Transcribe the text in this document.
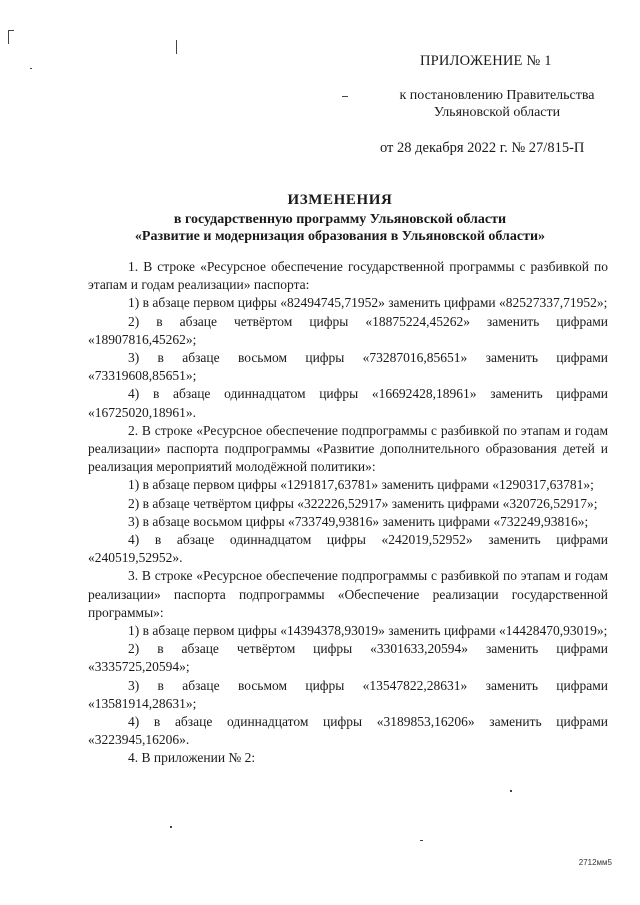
ПРИЛОЖЕНИЕ № 1
к постановлению Правительства
Ульяновской области
от 28 декабря 2022 г. № 27/815-П
ИЗМЕНЕНИЯ
в государственную программу Ульяновской области
«Развитие и модернизация образования в Ульяновской области»

1. В строке «Ресурсное обеспечение государственной программы с разбивкой по этапам и годам реализации» паспорта:

1) в абзаце первом цифры «82494745,71952» заменить цифрами «82527337,71952»;

2) в абзаце четвёртом цифры «18875224,45262» заменить цифрами «18907816,45262»;

3) в абзаце восьмом цифры «73287016,85651» заменить цифрами «73319608,85651»;

4) в абзаце одиннадцатом цифры «16692428,18961» заменить цифрами «16725020,18961».

2. В строке «Ресурсное обеспечение подпрограммы с разбивкой по этапам и годам реализации» паспорта подпрограммы «Развитие дополнительного образования детей и реализация мероприятий молодёжной политики»:

1) в абзаце первом цифры «1291817,63781» заменить цифрами «1290317,63781»;

2) в абзаце четвёртом цифры «322226,52917» заменить цифрами «320726,52917»;

3) в абзаце восьмом цифры «733749,93816» заменить цифрами «732249,93816»;

4) в абзаце одиннадцатом цифры «242019,52952» заменить цифрами «240519,52952».

3. В строке «Ресурсное обеспечение подпрограммы с разбивкой по этапам и годам реализации» паспорта подпрограммы «Обеспечение реализации государственной программы»:

1) в абзаце первом цифры «14394378,93019» заменить цифрами «14428470,93019»;

2) в абзаце четвёртом цифры «3301633,20594» заменить цифрами «3335725,20594»;

3) в абзаце восьмом цифры «13547822,28631» заменить цифрами «13581914,28631»;

4) в абзаце одиннадцатом цифры «3189853,16206» заменить цифрами «3223945,16206».

4. В приложении № 2:

2712мм5
